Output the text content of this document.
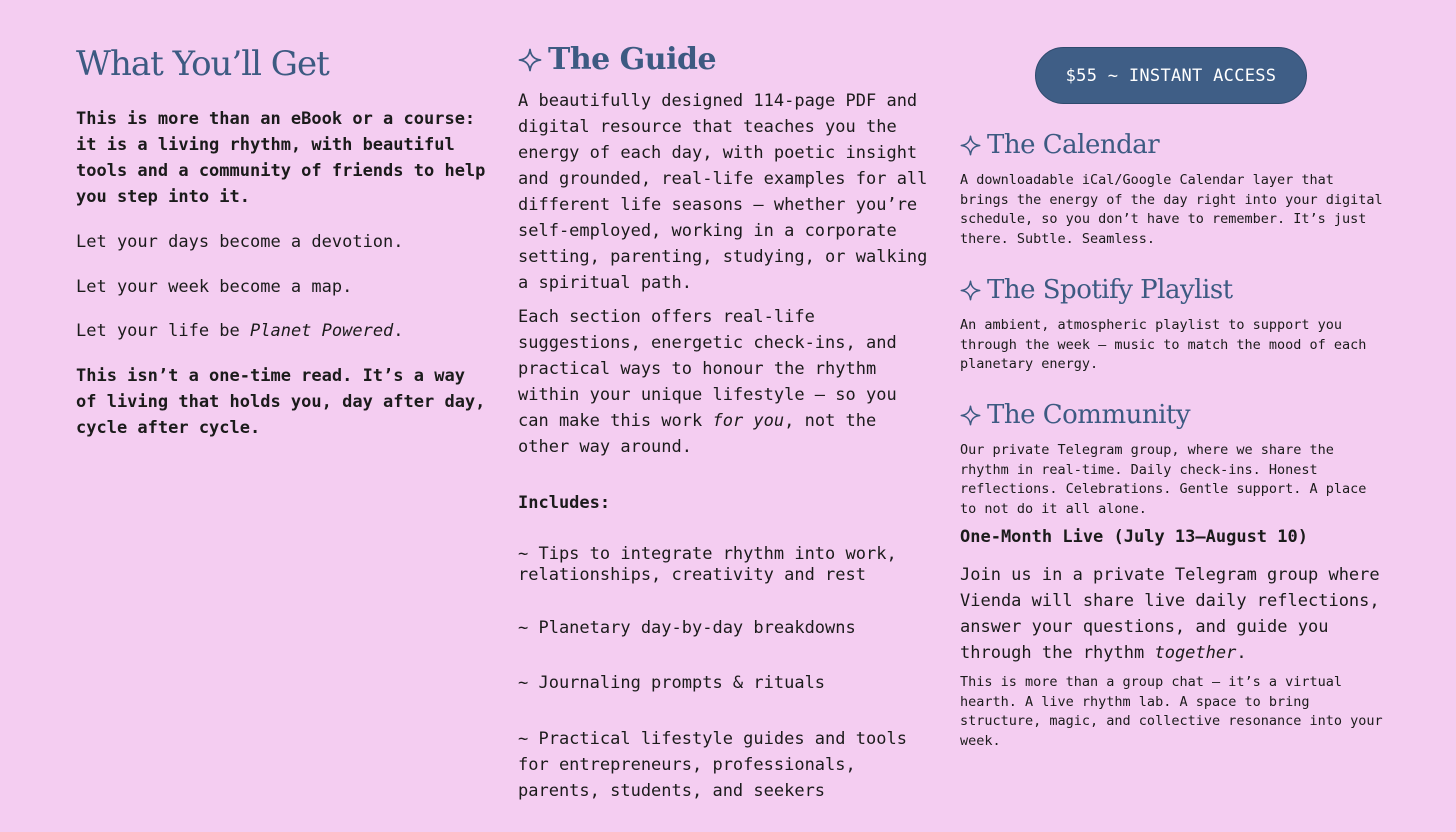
What You’ll Get

This is more than an eBook or a course: it is a living rhythm, with beautiful tools and a community of friends to help you step into it.

Let your days become a devotion.

Let your week become a map.

Let your life be Planet Powered.

This isn’t a one-time read. It’s a way of living that holds you, day after day, cycle after cycle.

The Guide

A beautifully designed 114-page PDF and digital resource that teaches you the energy of each day, with poetic insight and grounded, real-life examples for all different life seasons — whether you’re self-employed, working in a corporate setting, parenting, studying, or walking a spiritual path.

Each section offers real-life suggestions, energetic check-ins, and practical ways to honour the rhythm within your unique lifestyle — so you can make this work for you, not the other way around.

Includes:

~ Tips to integrate rhythm into work, relationships, creativity and rest

~ Planetary day-by-day breakdowns

~ Journaling prompts & rituals

~ Practical lifestyle guides and tools for entrepreneurs, professionals, parents, students, and seekers

$55 ~ INSTANT ACCESS
The Calendar

A downloadable iCal/Google Calendar layer that brings the energy of the day right into your digital schedule, so you don’t have to remember. It’s just there. Subtle. Seamless.

The Spotify Playlist

An ambient, atmospheric playlist to support you through the week — music to match the mood of each planetary energy.

The Community

Our private Telegram group, where we share the rhythm in real-time. Daily check-ins. Honest reflections. Celebrations. Gentle support. A place to not do it all alone.

One-Month Live (July 13–August 10)

Join us in a private Telegram group where Vienda will share live daily reflections, answer your questions, and guide you through the rhythm together.

This is more than a group chat — it’s a virtual hearth. A live rhythm lab. A space to bring structure, magic, and collective resonance into your week.
